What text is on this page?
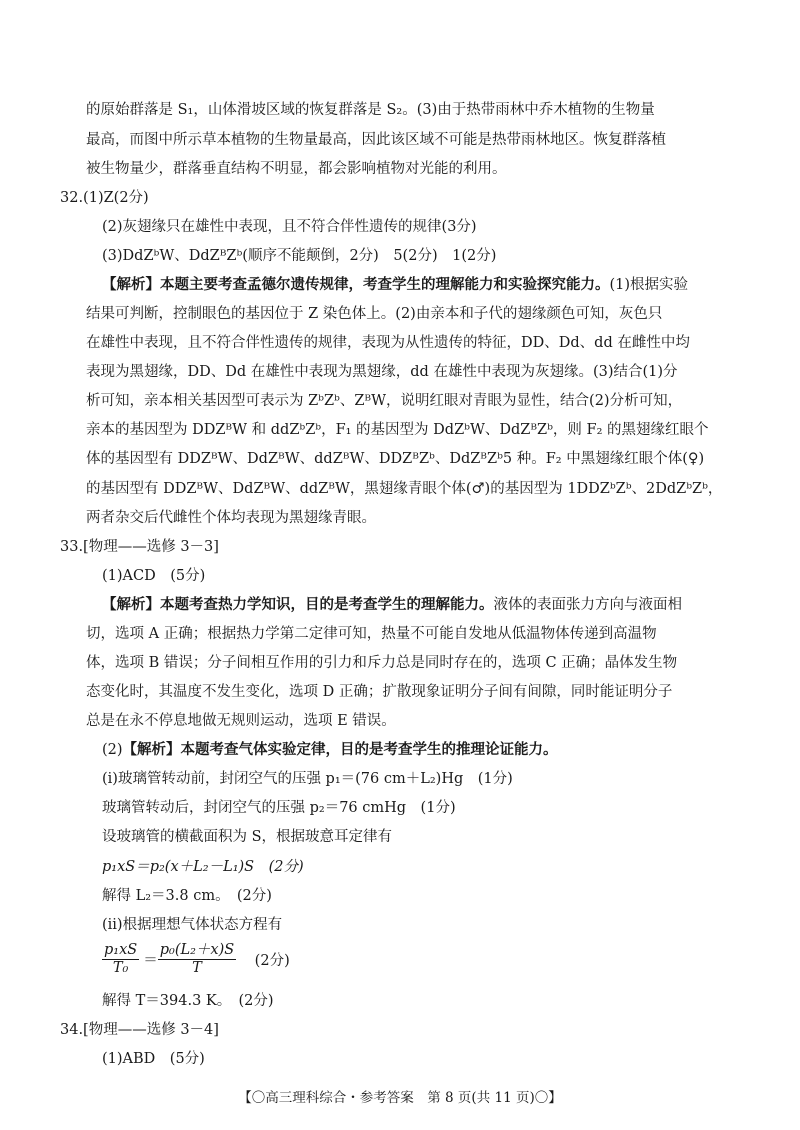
的原始群落是 S₁，山体滑坡区域的恢复群落是 S₂。(3)由于热带雨林中乔木植物的生物量
最高，而图中所示草本植物的生物量最高，因此该区域不可能是热带雨林地区。恢复群落植
被生物量少，群落垂直结构不明显，都会影响植物对光能的利用。
32.(1)Z(2分)
(2)灰翅缘只在雄性中表现，且不符合伴性遗传的规律(3分)
(3)DdZᵇW、DdZᴮZᵇ(顺序不能颠倒，2分)　5(2分)　1(2分)
【解析】本题主要考查孟德尔遗传规律，考查学生的理解能力和实验探究能力。(1)根据实验
结果可判断，控制眼色的基因位于 Z 染色体上。(2)由亲本和子代的翅缘颜色可知，灰色只
在雄性中表现，且不符合伴性遗传的规律，表现为从性遗传的特征，DD、Dd、dd 在雌性中均
表现为黑翅缘，DD、Dd 在雄性中表现为黑翅缘，dd 在雄性中表现为灰翅缘。(3)结合(1)分
析可知，亲本相关基因型可表示为 ZᵇZᵇ、ZᴮW，说明红眼对青眼为显性，结合(2)分析可知，
亲本的基因型为 DDZᴮW 和 ddZᵇZᵇ，F₁ 的基因型为 DdZᵇW、DdZᴮZᵇ，则 F₂ 的黑翅缘红眼个
体的基因型有 DDZᴮW、DdZᴮW、ddZᴮW、DDZᴮZᵇ、DdZᴮZᵇ5 种。F₂ 中黑翅缘红眼个体(♀)
的基因型有 DDZᴮW、DdZᴮW、ddZᴮW，黑翅缘青眼个体(♂)的基因型为 1DDZᵇZᵇ、2DdZᵇZᵇ，
两者杂交后代雌性个体均表现为黑翅缘青眼。
33.[物理——选修 3－3]
(1)ACD　(5分)
【解析】本题考查热力学知识，目的是考查学生的理解能力。液体的表面张力方向与液面相
切，选项 A 正确；根据热力学第二定律可知，热量不可能自发地从低温物体传递到高温物
体，选项 B 错误；分子间相互作用的引力和斥力总是同时存在的，选项 C 正确；晶体发生物
态变化时，其温度不发生变化，选项 D 正确；扩散现象证明分子间有间隙，同时能证明分子
总是在永不停息地做无规则运动，选项 E 错误。
(2)【解析】本题考查气体实验定律，目的是考查学生的推理论证能力。
(ⅰ)玻璃管转动前，封闭空气的压强 p₁＝(76 cm＋L₂)Hg　(1分)
玻璃管转动后，封闭空气的压强 p₂＝76 cmHg　(1分)
设玻璃管的横截面积为 S，根据玻意耳定律有
p₁xS＝p₂(x＋L₂－L₁)S　(2分)
解得 L₂＝3.8 cm。　(2分)
(ⅱ)根据理想气体状态方程有
$\frac{\text{p₁xS}}{\text{T₀}} = \frac{\text{p₀(L₂＋x)S}}{T}$ 　(2分)
解得 T＝394.3 K。　(2分)
34.[物理——选修 3－4]
(1)ABD　(5分)
【〇高三理科综合・参考答案　第 8 页(共 11 页)〇】
